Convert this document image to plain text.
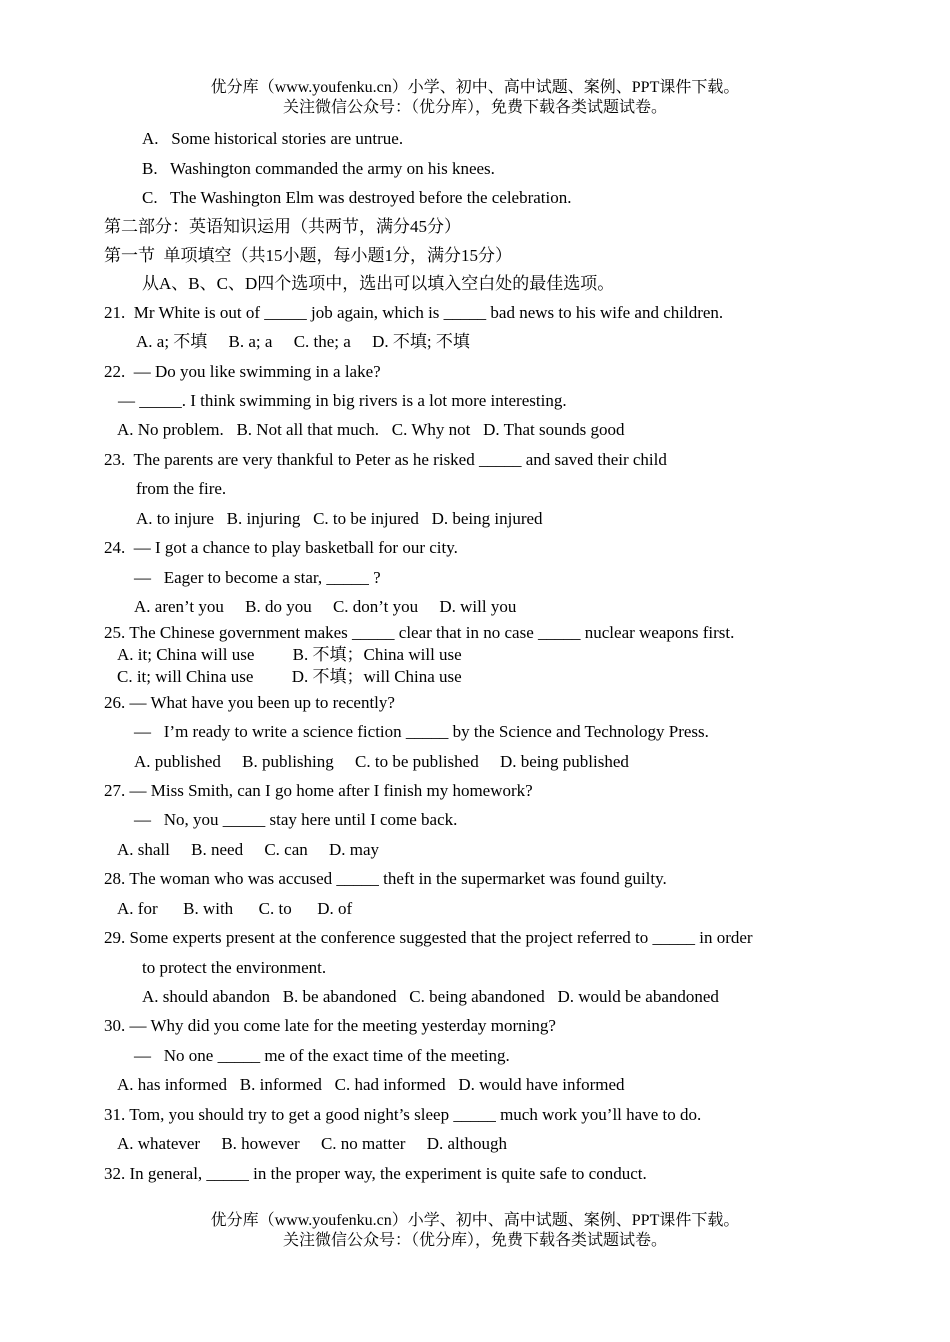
优分库（www.youfenku.cn）小学、初中、高中试题、案例、PPT课件下载。
关注微信公众号：（优分库），免费下载各类试题试卷。
A.   Some historical stories are untrue.
B.   Washington commanded the army on his knees.
C.   The Washington Elm was destroyed before the celebration.
第二部分：英语知识运用（共两节，满分45分）
第一节  单项填空（共15小题，每小题1分，满分15分）
从A、B、C、D四个选项中，选出可以填入空白处的最佳选项。
21.  Mr White is out of _____ job again, which is _____ bad news to his wife and children.
A. a; 不填     B. a; a     C. the; a     D. 不填; 不填
22.  — Do you like swimming in a lake?
— _____. I think swimming in big rivers is a lot more interesting.
A. No problem.   B. Not all that much.   C. Why not   D. That sounds good
23.  The parents are very thankful to Peter as he risked _____ and saved their child
from the fire.
A. to injure   B. injuring   C. to be injured   D. being injured
24.  — I got a chance to play basketball for our city.
—   Eager to become a star, _____ ?
A. aren’t you     B. do you     C. don’t you     D. will you
25. The Chinese government makes _____ clear that in no case _____ nuclear weapons first.
A. it; China will use         B. 不填；China will use
C. it; will China use         D. 不填；will China use
26. — What have you been up to recently?
—   I’m ready to write a science fiction _____ by the Science and Technology Press.
A. published     B. publishing     C. to be published     D. being published
27. — Miss Smith, can I go home after I finish my homework?
—   No, you _____ stay here until I come back.
A. shall     B. need     C. can     D. may
28. The woman who was accused _____ theft in the supermarket was found guilty.
A. for      B. with      C. to      D. of
29. Some experts present at the conference suggested that the project referred to _____ in order
to protect the environment.
A. should abandon   B. be abandoned   C. being abandoned   D. would be abandoned
30. — Why did you come late for the meeting yesterday morning?
—   No one _____ me of the exact time of the meeting.
A. has informed   B. informed   C. had informed   D. would have informed
31. Tom, you should try to get a good night’s sleep _____ much work you’ll have to do.
A. whatever     B. however     C. no matter     D. although
32. In general, _____ in the proper way, the experiment is quite safe to conduct.
优分库（www.youfenku.cn）小学、初中、高中试题、案例、PPT课件下载。
关注微信公众号：（优分库），免费下载各类试题试卷。
